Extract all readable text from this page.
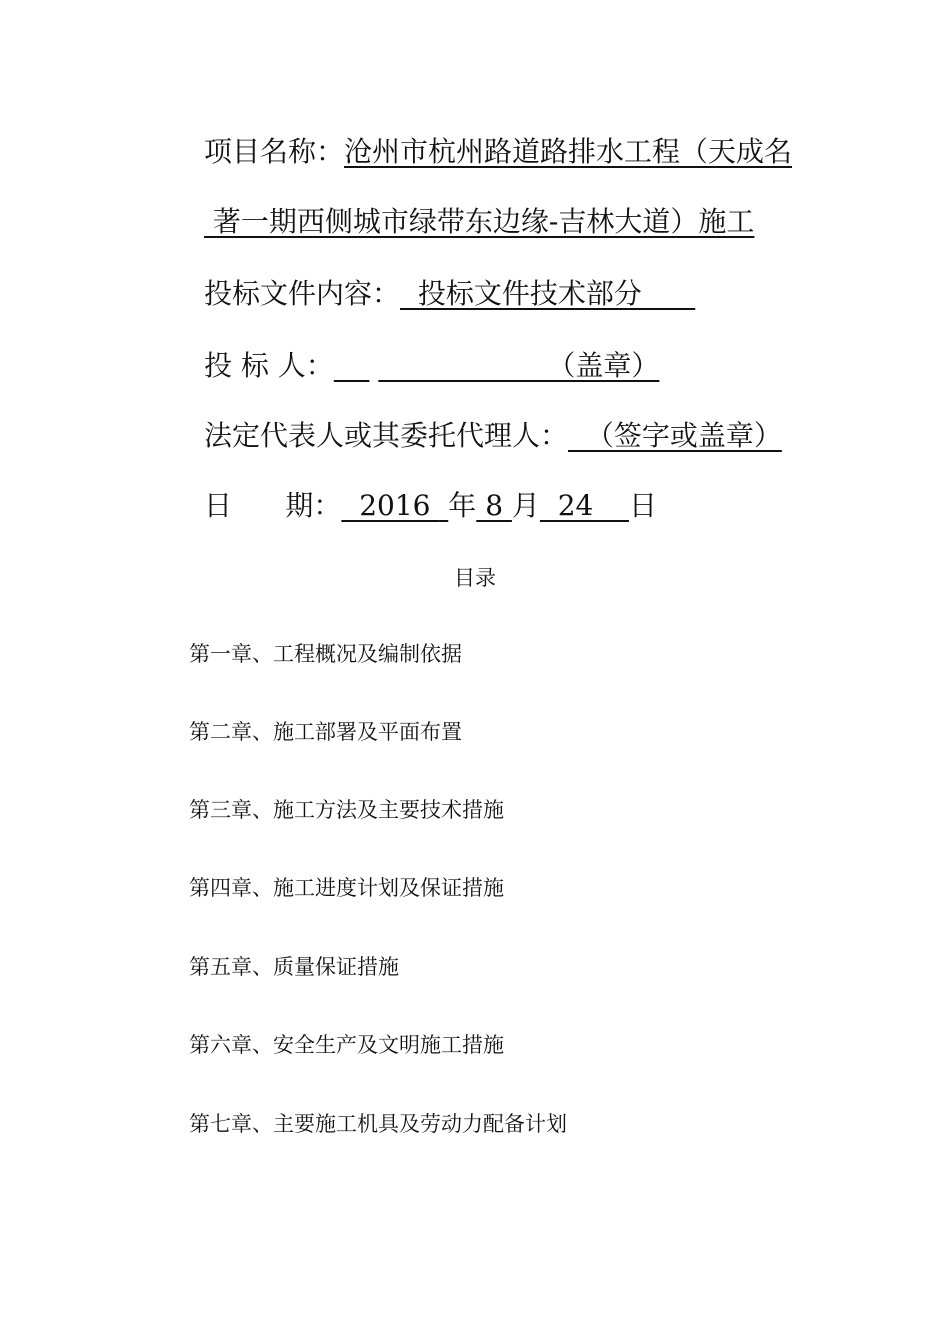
项目名称：沧州市杭州路道路排水工程（天成名
著一期西侧城市绿带东边缘-吉林大道）施工
投标文件内容：  投标文件技术部分
投 标 人：                        （盖章）
法定代表人或其委托代理人：  （签字或盖章）
日      期：  2016  年 8 月  24    日
目录
第一章、工程概况及编制依据
第二章、施工部署及平面布置
第三章、施工方法及主要技术措施
第四章、施工进度计划及保证措施
第五章、质量保证措施
第六章、安全生产及文明施工措施
第七章、主要施工机具及劳动力配备计划
